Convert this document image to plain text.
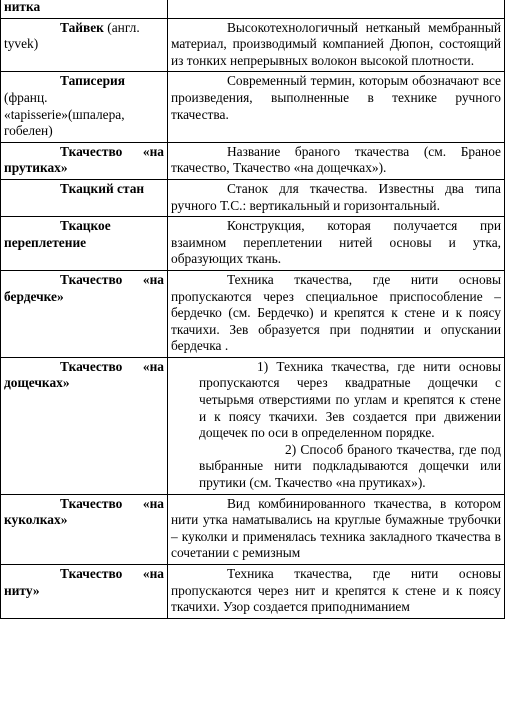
нитка	

Тайвек (англ. tyvek)	Высокотехнологичный нетканый мембранный материал, производимый компанией Дюпон, состоящий из тонких непрерывных волокон высокой плотности.

Таписерия
(франц. «tapisserie»(шпалера, гобелен)	Современный термин, которым обозначают все произведения, выполненные в технике ручного ткачества.

Ткачество «на прутиках»	Название браного ткачества (см. Браное ткачество, Ткачество «на дощечках»).

Ткацкий стан	Станок для ткачества. Известны два типа ручного Т.С.: вертикальный и горизонтальный.

Ткацкое переплетение	Конструкция, которая получается при взаимном переплетении нитей основы и утка, образующих ткань.

Ткачество «на бердечке»	Техника ткачества, где нити основы пропускаются через специальное приспособление – бердечко (см. Бердечко) и крепятся к стене и к поясу ткачихи. Зев образуется при поднятии и опускании бердечка .

Ткачество «на дощечках»	1) Техника ткачества, где нити основы пропускаются через квадратные дощечки с четырьмя отверстиями по углам и крепятся к стене и к поясу ткачихи. Зев создается при движении дощечек по оси в определенном порядке.

2) Способ браного ткачества, где под выбранные нити подкладываются дощечки или прутики (см. Ткачество «на прутиках»).

Ткачество «на куколках»	Вид комбинированного ткачества, в котором нити утка наматывались на круглые бумажные трубочки – куколки и применялась техника закладного ткачества в сочетании с ремизным

Ткачество «на ниту»	Техника ткачества, где нити основы пропускаются через нит и крепятся к стене и к поясу ткачихи. Узор создается приподниманием
